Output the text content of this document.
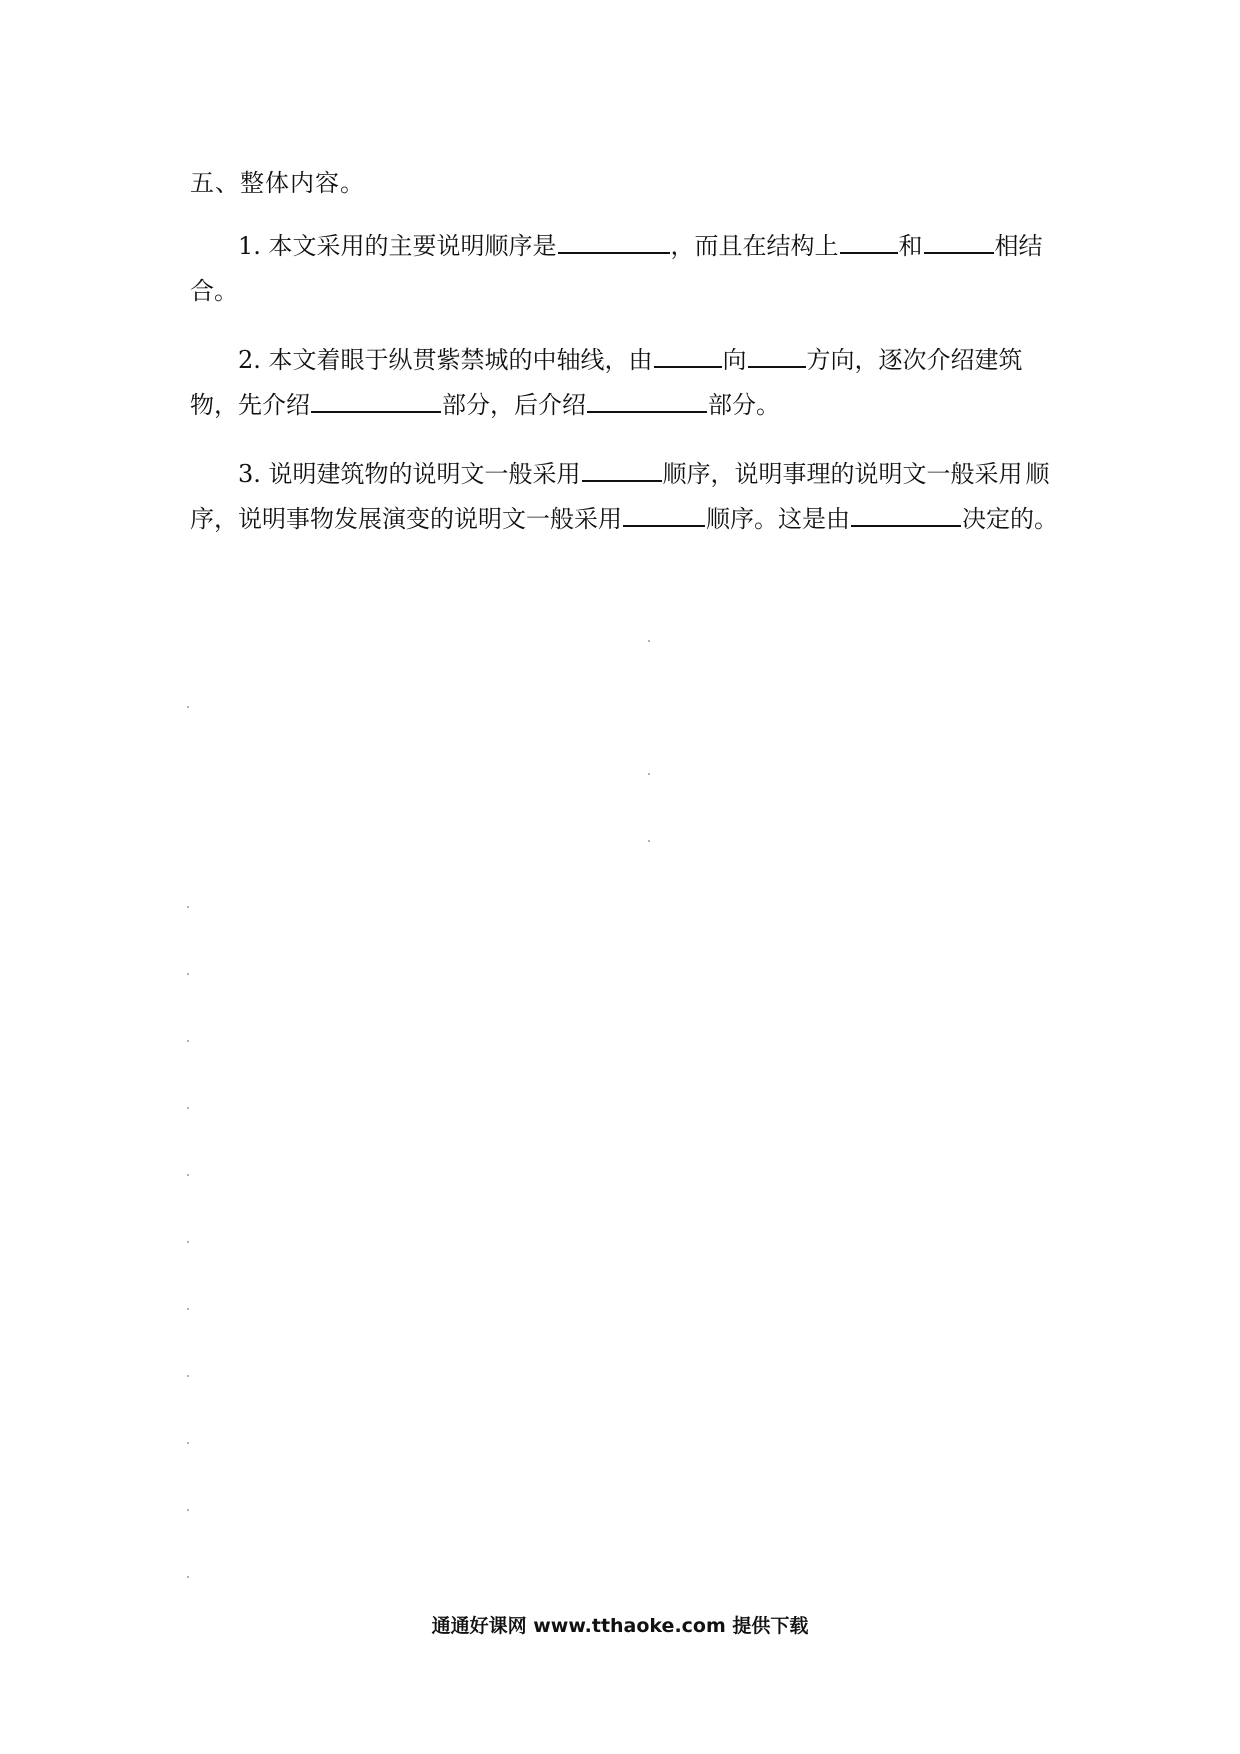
五、整体内容。

1. 本文采用的主要说明顺序是	，而且在结构上	和	相结合。

2. 本文着眼于纵贯紫禁城的中轴线，由	向	方向，逐次介绍建筑物，先介绍	部分，后介绍	部分。

3. 说明建筑物的说明文一般采用	顺序，说明事理的说明文一般采用 顺序，说明事物发展演变的说明文一般采用	顺序。这是由	决定的。

通通好课网 www.tthaoke.com 提供下载
